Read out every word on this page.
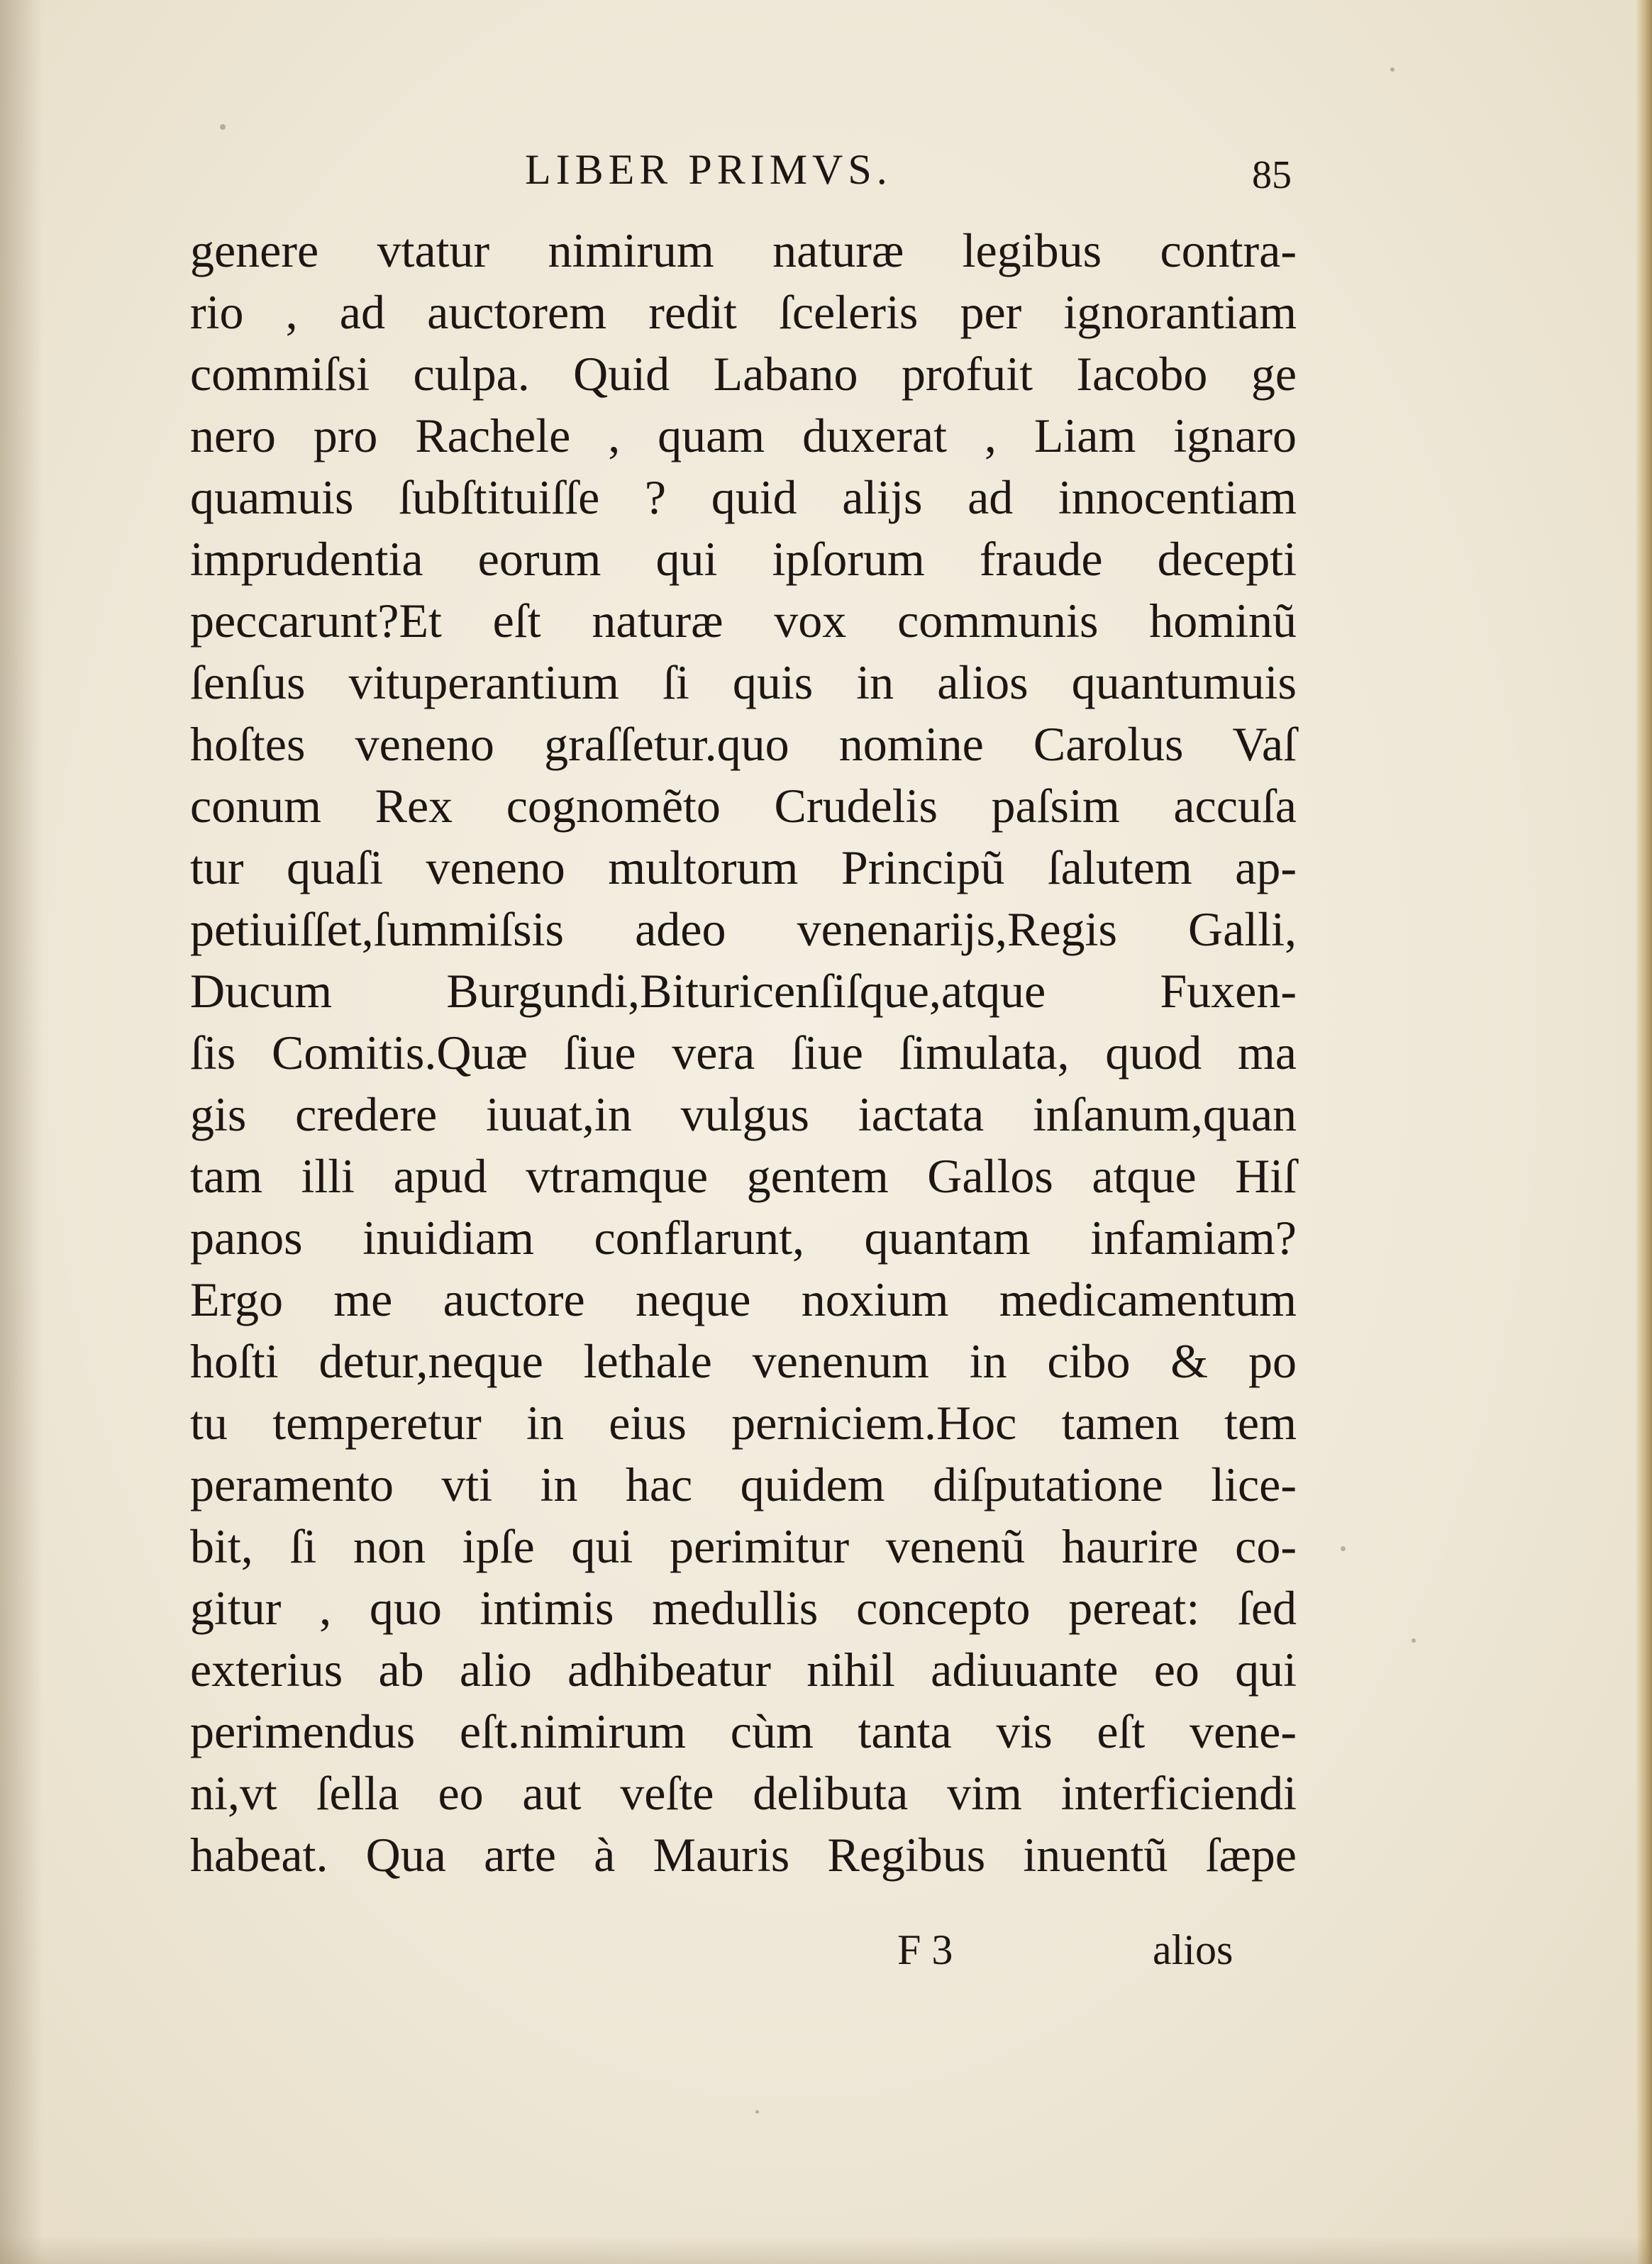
LIBER PRIMVS.	85
genere vtatur nimirum naturæ legibus contra-
rio , ad auctorem redit ſceleris per ignorantiam
commiſsi culpa. Quid Labano profuit Iacobo ge
nero pro Rachele , quam duxerat , Liam ignaro
quamuis ſubſtituiſſe ? quid alijs ad innocentiam
imprudentia eorum qui ipſorum fraude decepti
peccarunt?Et eſt naturæ vox communis hominũ
ſenſus vituperantium ſi quis in alios quantumuis
hoſtes veneno graſſetur.quo nomine Carolus Vaſ
conum Rex cognomẽto Crudelis paſsim accuſa
tur quaſi veneno multorum Principũ ſalutem ap-
petiuiſſet,ſummiſsis adeo venenarijs,Regis Galli,
Ducum Burgundi,Bituricenſiſque,atque Fuxen-
ſis Comitis.Quæ ſiue vera ſiue ſimulata, quod ma
gis credere iuuat,in vulgus iactata inſanum,quan
tam illi apud vtramque gentem Gallos atque Hiſ
panos inuidiam conflarunt, quantam infamiam?
Ergo me auctore neque noxium medicamentum
hoſti detur,neque lethale venenum in cibo & po
tu temperetur in eius perniciem.Hoc tamen tem
peramento vti in hac quidem diſputatione lice-
bit, ſi non ipſe qui perimitur venenũ haurire co-
gitur , quo intimis medullis concepto pereat: ſed
exterius ab alio adhibeatur nihil adiuuante eo qui
perimendus eſt.nimirum cùm tanta vis eſt vene-
ni,vt ſella eo aut veſte delibuta vim interficiendi
habeat. Qua arte à Mauris Regibus inuentũ ſæpe
F 3	alios
